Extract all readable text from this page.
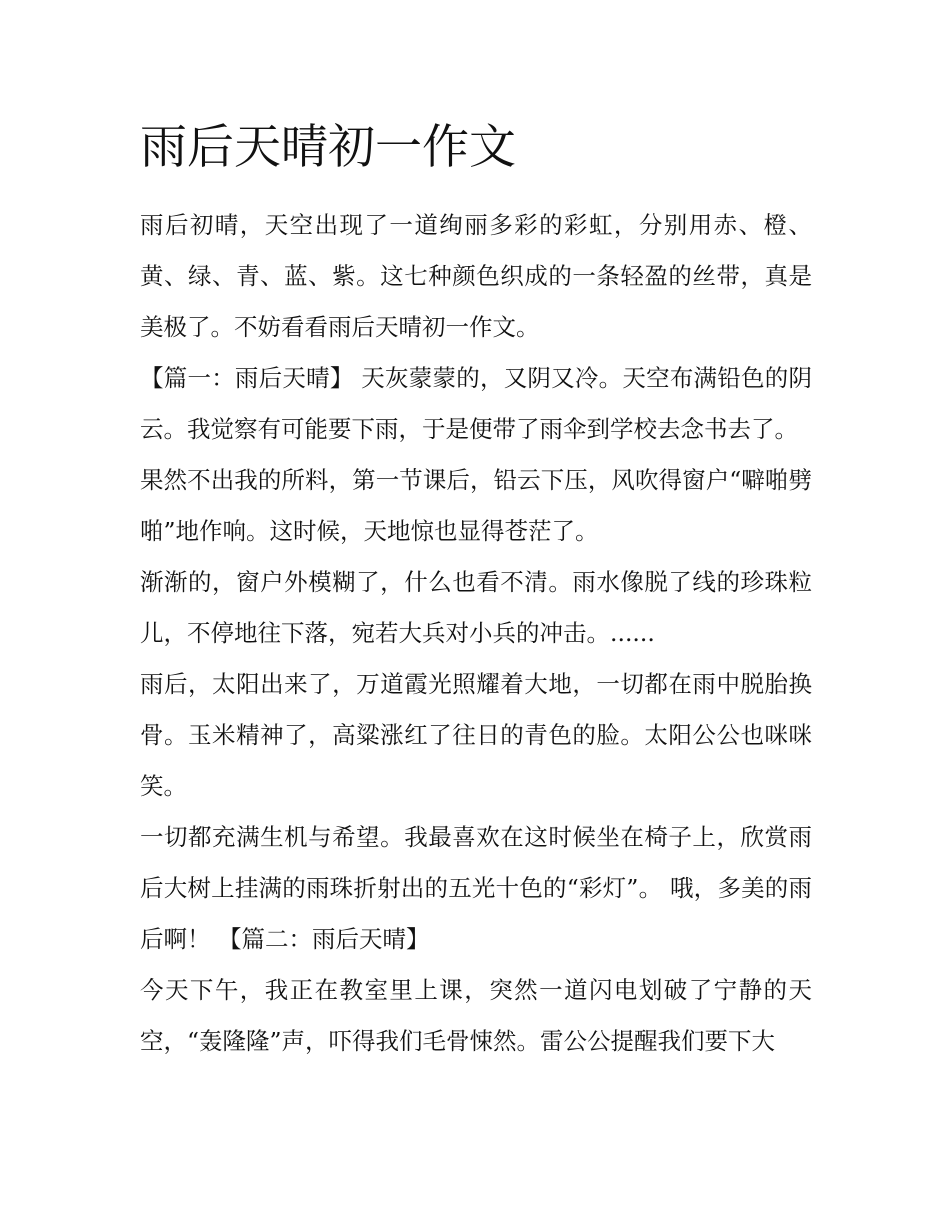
雨后天晴初一作文

雨后初晴，天空出现了一道绚丽多彩的彩虹，分别用赤、橙、黄、绿、青、蓝、紫。这七种颜色织成的一条轻盈的丝带，真是美极了。不妨看看雨后天晴初一作文。

【篇一：雨后天晴】 天灰蒙蒙的，又阴又冷。天空布满铅色的阴云。我觉察有可能要下雨，于是便带了雨伞到学校去念书去了。

果然不出我的所料，第一节课后，铅云下压，风吹得窗户“噼啪劈啪”地作响。这时候，天地惊也显得苍茫了。

渐渐的，窗户外模糊了，什么也看不清。雨水像脱了线的珍珠粒儿，不停地往下落，宛若大兵对小兵的冲击。......

雨后，太阳出来了，万道霞光照耀着大地，一切都在雨中脱胎换骨。玉米精神了，高粱涨红了往日的青色的脸。太阳公公也咪咪笑。

一切都充满生机与希望。我最喜欢在这时候坐在椅子上，欣赏雨后大树上挂满的雨珠折射出的五光十色的“彩灯”。 哦，多美的雨后啊！ 【篇二：雨后天晴】

今天下午，我正在教室里上课，突然一道闪电划破了宁静的天空，“轰隆隆”声，吓得我们毛骨悚然。雷公公提醒我们要下大
